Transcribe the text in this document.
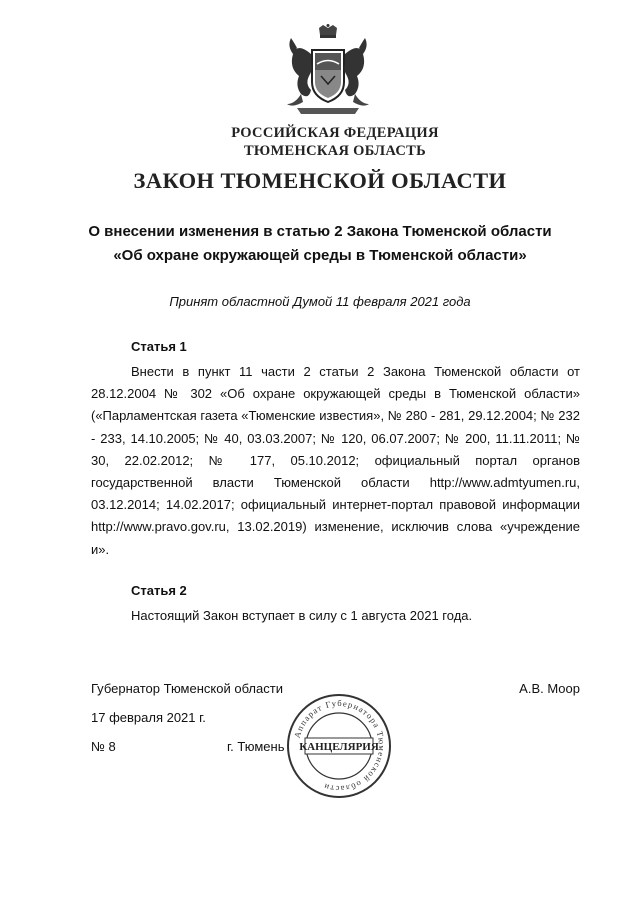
РОССИЙСКАЯ ФЕДЕРАЦИЯ
ТЮМЕНСКАЯ ОБЛАСТЬ
ЗАКОН ТЮМЕНСКОЙ ОБЛАСТИ
О внесении изменения в статью 2 Закона Тюменской области
«Об охране окружающей среды в Тюменской области»
Принят областной Думой 11 февраля 2021 года
Статья 1
Внести в пункт 11 части 2 статьи 2 Закона Тюменской области от 28.12.2004 № 302 «Об охране окружающей среды в Тюменской области» («Парламентская газета «Тюменские известия», № 280 - 281, 29.12.2004; № 232 - 233, 14.10.2005; № 40, 03.03.2007; № 120, 06.07.2007; № 200, 11.11.2011; № 30, 22.02.2012; № 177, 05.10.2012; официальный портал органов государственной власти Тюменской области http://www.admtyumen.ru, 03.12.2014; 14.02.2017; официальный интернет-портал правовой информации http://www.pravo.gov.ru, 13.02.2019) изменение, исключив слова «учреждение и».
Статья 2
Настоящий Закон вступает в силу с 1 августа 2021 года.
Губернатор Тюменской области	А.В. Моор
17 февраля 2021 г.
№ 8	г. Тюмень
Аппарат Губернатора Тюменской области
КАНЦЕЛЯРИЯ
